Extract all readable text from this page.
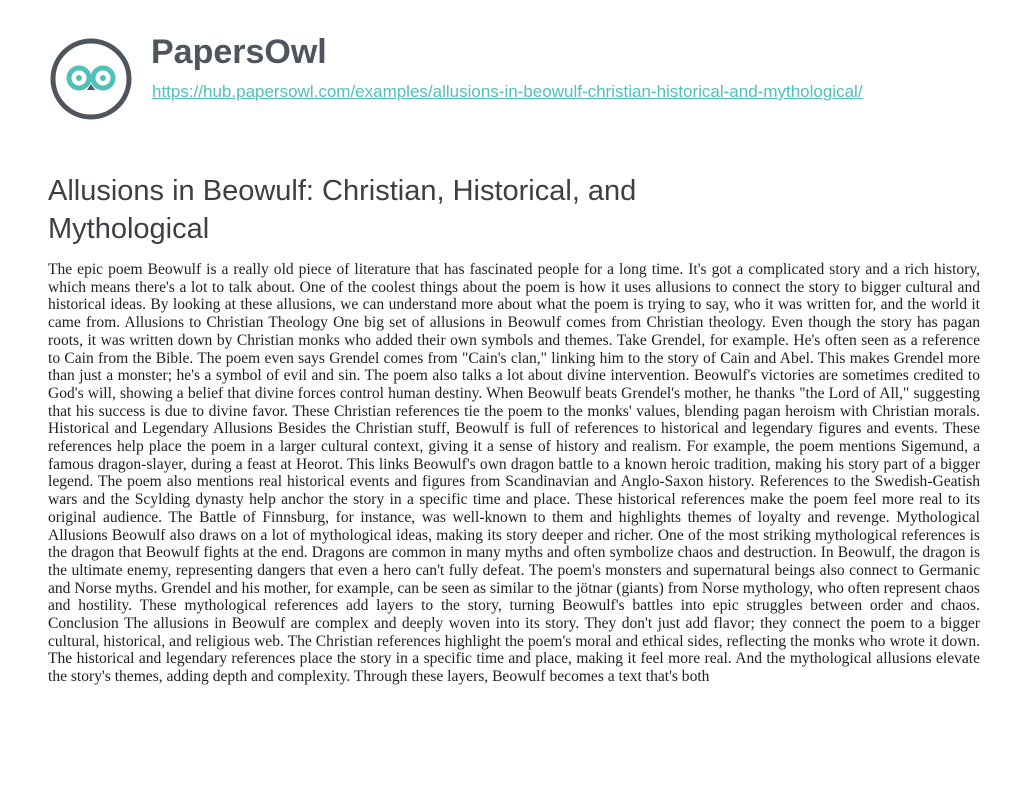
PapersOwl
https://hub.papersowl.com/examples/allusions-in-beowulf-christian-historical-and-mythological/
Allusions in Beowulf: Christian, Historical, and Mythological

The epic poem Beowulf is a really old piece of literature that has fascinated people for a long time. It's got a complicated story and a rich history, which means there's a lot to talk about. One of the coolest things about the poem is how it uses allusions to connect the story to bigger cultural and historical ideas. By looking at these allusions, we can understand more about what the poem is trying to say, who it was written for, and the world it came from. Allusions to Christian Theology One big set of allusions in Beowulf comes from Christian theology. Even though the story has pagan roots, it was written down by Christian monks who added their own symbols and themes. Take Grendel, for example. He's often seen as a reference to Cain from the Bible. The poem even says Grendel comes from "Cain's clan," linking him to the story of Cain and Abel. This makes Grendel more than just a monster; he's a symbol of evil and sin. The poem also talks a lot about divine intervention. Beowulf's victories are sometimes credited to God's will, showing a belief that divine forces control human destiny. When Beowulf beats Grendel's mother, he thanks "the Lord of All," suggesting that his success is due to divine favor. These Christian references tie the poem to the monks' values, blending pagan heroism with Christian morals. Historical and Legendary Allusions Besides the Christian stuff, Beowulf is full of references to historical and legendary figures and events. These references help place the poem in a larger cultural context, giving it a sense of history and realism. For example, the poem mentions Sigemund, a famous dragon-slayer, during a feast at Heorot. This links Beowulf's own dragon battle to a known heroic tradition, making his story part of a bigger legend. The poem also mentions real historical events and figures from Scandinavian and Anglo-Saxon history. References to the Swedish-Geatish wars and the Scylding dynasty help anchor the story in a specific time and place. These historical references make the poem feel more real to its original audience. The Battle of Finnsburg, for instance, was well-known to them and highlights themes of loyalty and revenge. Mythological Allusions Beowulf also draws on a lot of mythological ideas, making its story deeper and richer. One of the most striking mythological references is the dragon that Beowulf fights at the end. Dragons are common in many myths and often symbolize chaos and destruction. In Beowulf, the dragon is the ultimate enemy, representing dangers that even a hero can't fully defeat. The poem's monsters and supernatural beings also connect to Germanic and Norse myths. Grendel and his mother, for example, can be seen as similar to the jötnar (giants) from Norse mythology, who often represent chaos and hostility. These mythological references add layers to the story, turning Beowulf's battles into epic struggles between order and chaos. Conclusion The allusions in Beowulf are complex and deeply woven into its story. They don't just add flavor; they connect the poem to a bigger cultural, historical, and religious web. The Christian references highlight the poem's moral and ethical sides, reflecting the monks who wrote it down. The historical and legendary references place the story in a specific time and place, making it feel more real. And the mythological allusions elevate the story's themes, adding depth and complexity. Through these layers, Beowulf becomes a text that's both
